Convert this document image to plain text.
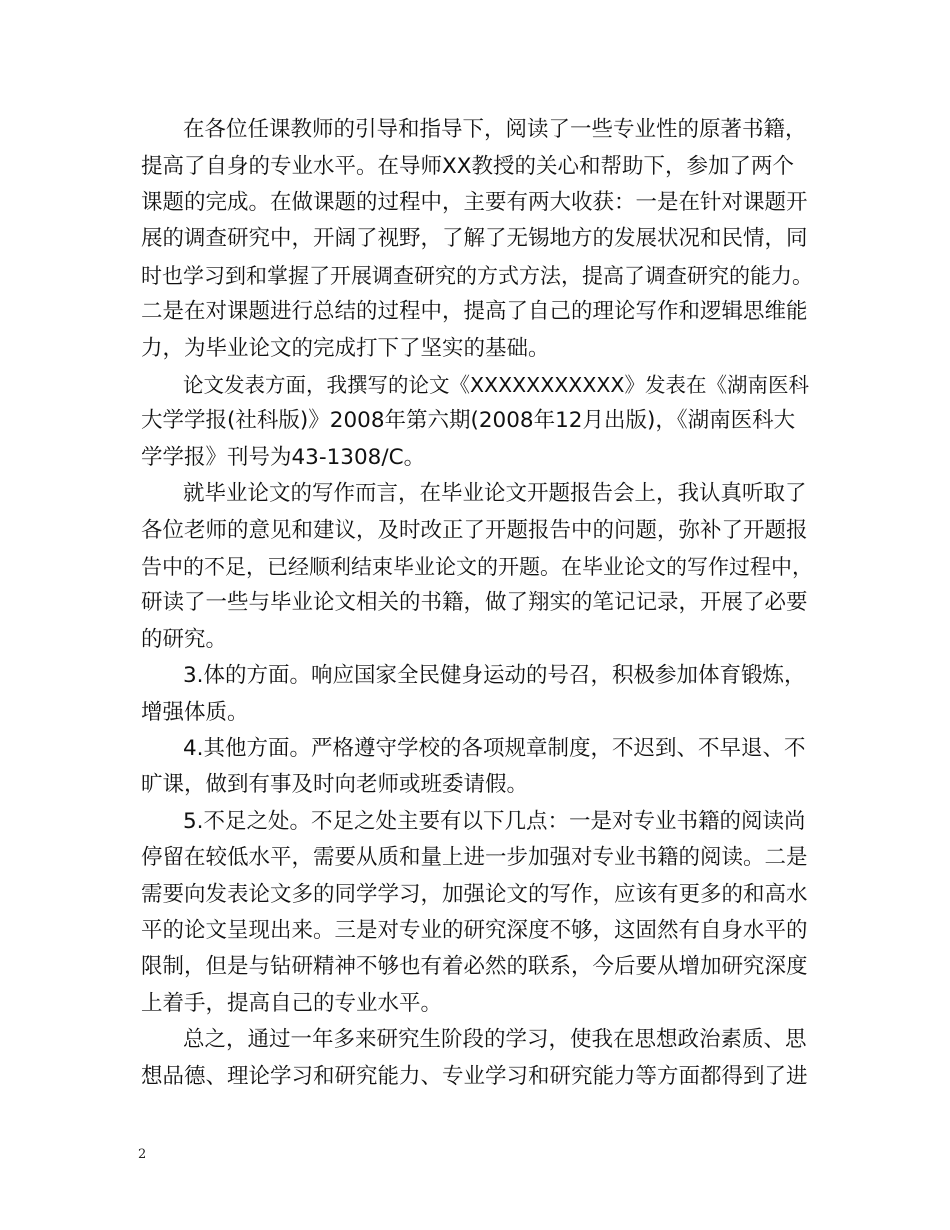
在各位任课教师的引导和指导下，阅读了一些专业性的原著书籍，
提高了自身的专业水平。在导师XX教授的关心和帮助下，参加了两个
课题的完成。在做课题的过程中，主要有两大收获：一是在针对课题开
展的调查研究中，开阔了视野，了解了无锡地方的发展状况和民情，同
时也学习到和掌握了开展调查研究的方式方法，提高了调查研究的能力。
二是在对课题进行总结的过程中，提高了自己的理论写作和逻辑思维能
力，为毕业论文的完成打下了坚实的基础。
论文发表方面，我撰写的论文《XXXXXXXXXXX》发表在《湖南医科
大学学报(社科版)》2008年第六期(2008年12月出版)，《湖南医科大
学学报》刊号为43-1308/C。
就毕业论文的写作而言，在毕业论文开题报告会上，我认真听取了
各位老师的意见和建议，及时改正了开题报告中的问题，弥补了开题报
告中的不足，已经顺利结束毕业论文的开题。在毕业论文的写作过程中，
研读了一些与毕业论文相关的书籍，做了翔实的笔记记录，开展了必要
的研究。
3.体的方面。响应国家全民健身运动的号召，积极参加体育锻炼，
增强体质。
4.其他方面。严格遵守学校的各项规章制度，不迟到、不早退、不
旷课，做到有事及时向老师或班委请假。
5.不足之处。不足之处主要有以下几点：一是对专业书籍的阅读尚
停留在较低水平，需要从质和量上进一步加强对专业书籍的阅读。二是
需要向发表论文多的同学学习，加强论文的写作，应该有更多的和高水
平的论文呈现出来。三是对专业的研究深度不够，这固然有自身水平的
限制，但是与钻研精神不够也有着必然的联系，今后要从增加研究深度
上着手，提高自己的专业水平。
总之，通过一年多来研究生阶段的学习，使我在思想政治素质、思
想品德、理论学习和研究能力、专业学习和研究能力等方面都得到了进
2
